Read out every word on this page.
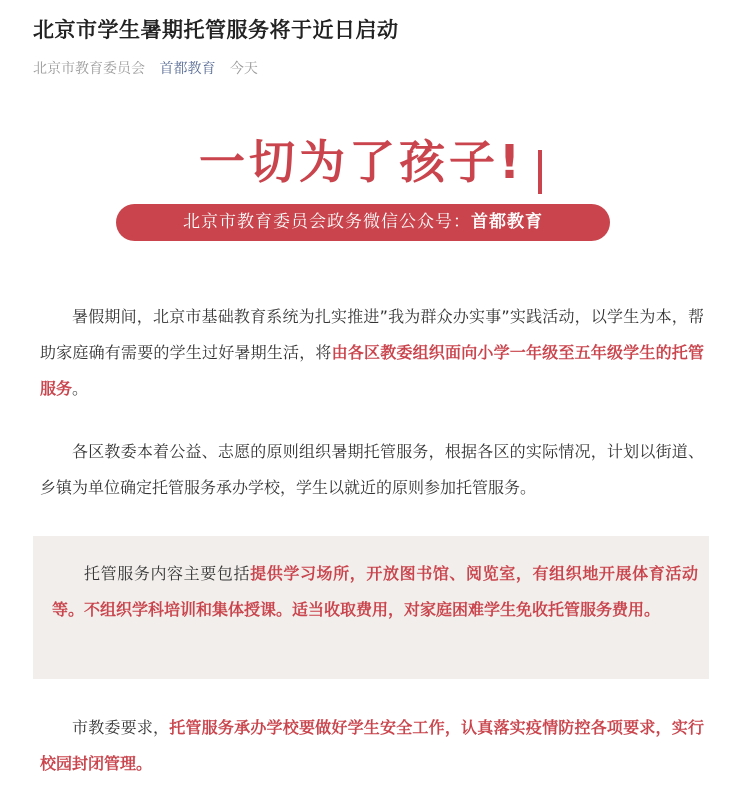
北京市学生暑期托管服务将于近日启动
北京市教育委员会 首都教育 今天
一切为了孩子!
北京市教育委员会政务微信公众号：首都教育

暑假期间，北京市基础教育系统为扎实推进”我为群众办实事”实践活动，以学生为本，帮助家庭确有需要的学生过好暑期生活，将由各区教委组织面向小学一年级至五年级学生的托管服务。

各区教委本着公益、志愿的原则组织暑期托管服务，根据各区的实际情况，计划以街道、乡镇为单位确定托管服务承办学校，学生以就近的原则参加托管服务。

托管服务内容主要包括提供学习场所，开放图书馆、阅览室，有组织地开展体育活动等。不组织学科培训和集体授课。适当收取费用，对家庭困难学生免收托管服务费用。

市教委要求，托管服务承办学校要做好学生安全工作，认真落实疫情防控各项要求，实行校园封闭管理。
